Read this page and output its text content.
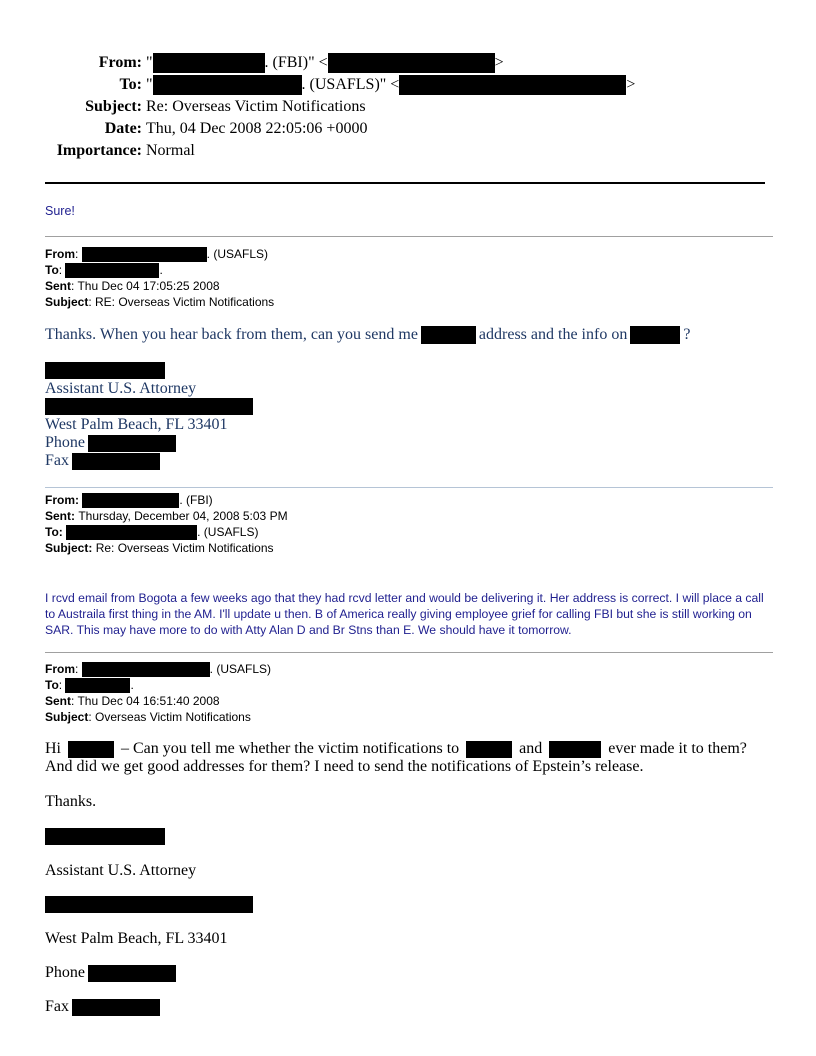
From: "	. (FBI)" <	>
To: "	. (USAFLS)" <	>
Subject: Re: Overseas Victim Notifications
Date: Thu, 04 Dec 2008 22:05:06 +0000
Importance: Normal
Sure!
From :	. (USAFLS)
To :	.
Sent : Thu Dec 04 17:05:25 2008
Subject : RE: Overseas Victim Notifications
Thanks. When you hear back from them, can you send me	address and the info on	?
Assistant U.S. Attorney
West Palm Beach, FL 33401
Phone
Fax
From:
	. (FBI)
Sent:
Thursday, December 04, 2008 5:03 PM
To:
	. (USAFLS)
Subject:
Re: Overseas Victim Notifications
I rcvd email from Bogota a few weeks ago that they had rcvd letter and would be delivering it. Her address is correct. I will place a call to Austraila first thing in the AM. I'll update u then. B of America really giving employee grief for calling FBI but she is still working on SAR. This may have more to do with Atty Alan D and Br Stns than E. We should have it tomorrow.
From :	. (USAFLS)
To :	.
Sent : Thu Dec 04 16:51:40 2008
Subject : Overseas Victim Notifications
Hi	– Can you tell me whether the victim notifications to	and	ever made it to them? And did we get good addresses for them? I need to send the notifications of Epstein’s release.
Thanks.
Assistant U.S. Attorney
West Palm Beach, FL 33401
Phone
Fax
